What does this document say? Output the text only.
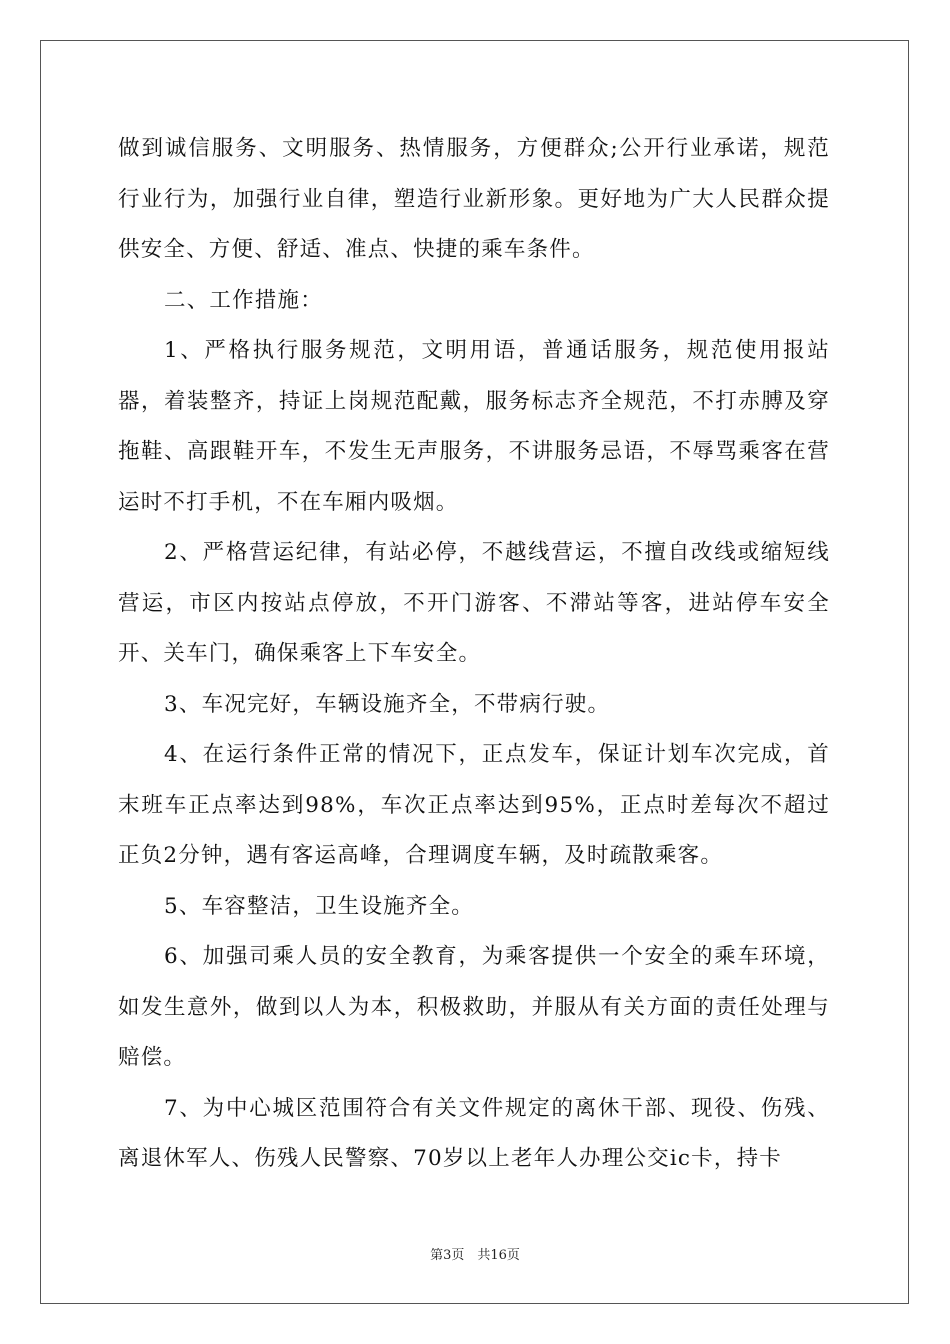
做到诚信服务、文明服务、热情服务，方便群众;公开行业承诺，规范行业行为，加强行业自律，塑造行业新形象。更好地为广大人民群众提供安全、方便、舒适、准点、快捷的乘车条件。

二、工作措施：

1、严格执行服务规范，文明用语，普通话服务，规范使用报站器，着装整齐，持证上岗规范配戴，服务标志齐全规范，不打赤膊及穿拖鞋、高跟鞋开车，不发生无声服务，不讲服务忌语，不辱骂乘客在营运时不打手机，不在车厢内吸烟。

2、严格营运纪律，有站必停，不越线营运，不擅自改线或缩短线营运，市区内按站点停放，不开门游客、不滞站等客，进站停车安全开、关车门，确保乘客上下车安全。

3、车况完好，车辆设施齐全，不带病行驶。

4、在运行条件正常的情况下，正点发车，保证计划车次完成，首末班车正点率达到98%，车次正点率达到95%，正点时差每次不超过正负2分钟，遇有客运高峰，合理调度车辆，及时疏散乘客。

5、车容整洁，卫生设施齐全。

6、加强司乘人员的安全教育，为乘客提供一个安全的乘车环境，如发生意外，做到以人为本，积极救助，并服从有关方面的责任处理与赔偿。

7、为中心城区范围符合有关文件规定的离休干部、现役、伤残、离退休军人、伤残人民警察、70岁以上老年人办理公交ic卡，持卡

第3页　共16页
